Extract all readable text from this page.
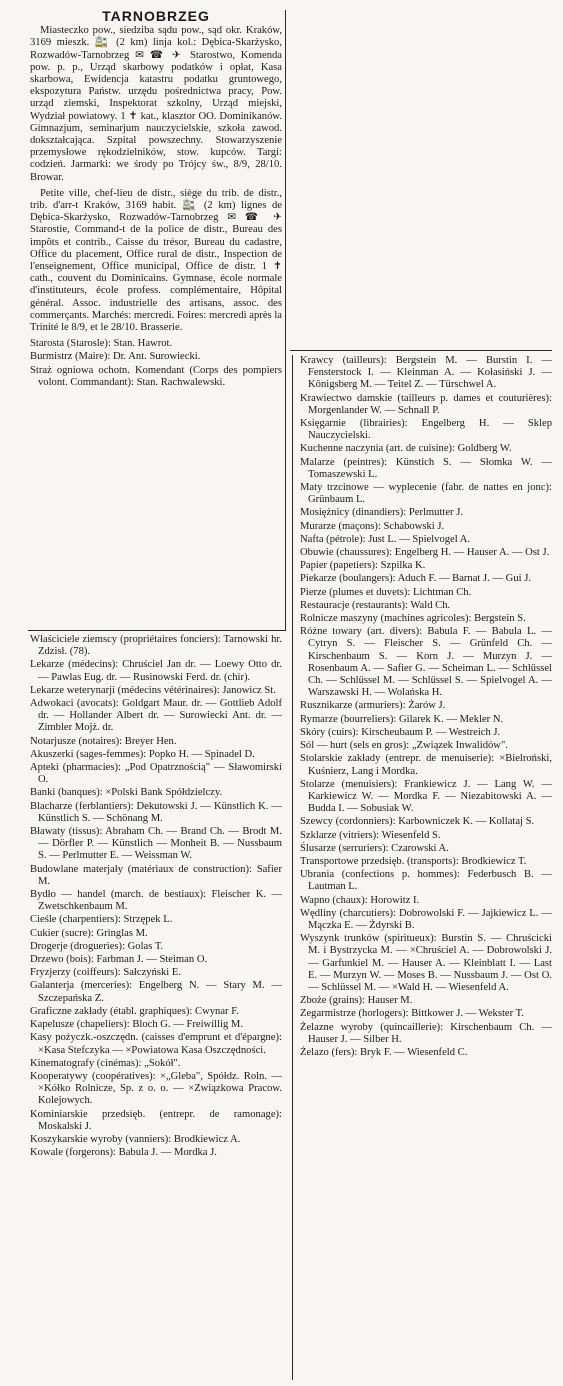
TARNOBRZEG

Miasteczko pow., siedziba sądu pow., sąd okr. Kraków, 3169 mieszk. 🚉 (2 km) linja kol.: Dębica-Skarżysko, Rozwadów-Tarnobrzeg ✉ ☎ ✈ Starostwo, Komenda pow. p. p., Urząd skarbowy podatków i opłat, Kasa skarbowa, Ewidencja katastru podatku gruntowego, ekspozytura Państw. urzędu pośrednictwa pracy, Pow. urząd ziemski, Inspektorat szkolny, Urząd miejski, Wydział powiatowy. 1 ✝ kat., klasztor OO. Dominikanów. Gimnazjum, seminarjum nauczycielskie, szkoła zawod. dokształcająca. Szpital powszechny. Stowarzyszenie przemysłowe rękodzielników, stow. kupców. Targi: codzień. Jarmarki: we środy po Trójcy św., 8/9, 28/10. Browar.

Petite ville, chef-lieu de distr., siège du trib. de distr., trib. d'arr-t Kraków, 3169 habit. 🚉 (2 km) lignes de Dębica-Skarżysko, Rozwadów-Tarnobrzeg ✉ ☎ ✈ Starostie, Command-t de la police de distr., Bureau des impôts et contrib., Caisse du trésor, Bureau du cadastre, Office du placement, Office rural de distr., Inspection de l'enseignement, Office municipal, Office de distr. 1 ✝ cath., couvent du Dominicains. Gymnase, école normale d'instituteurs, école profess. complémentaire, Hôpital général. Assoc. industrielle des artisans, assoc. des commerçants. Marchés: mercredi. Foires: mercredi après la Trinité le 8/9, et le 28/10. Brasserie.

Starosta (Starosle): Stan. Hawrot.
Burmistrz (Maire): Dr. Ant. Surowiecki.
Straż ogniowa ochotn. Komendant (Corps des pompiers volont. Commandant): Stan. Rachwalewski.
Właściciele ziemscy (propriétaires fonciers): Tarnowski hr. Zdzisł. (78).
Lekarze (médecins): Chruściel Jan dr. — Loewy Otto dr. — Pawlas Eug. dr. — Rusinowski Ferd. dr. (chir).
Lekarze weterynarji (médecins vétérinaires): Janowicz St.
Adwokaci (avocats): Goldgart Maur. dr. — Gottlieb Adolf dr. — Hollander Albert dr. — Surowiecki Ant. dr. — Zimbler Mojż. dr.
Notarjusze (notaires): Breyer Hen.
Akuszerki (sages-femmes): Popko H. — Spinadel D.
Apteki (pharmacies): „Pod Opatrznością" — Sławomirski O.
Banki (banques): ×Polski Bank Spółdzielczy.
Blacharze (ferblantiers): Dekutowski J. — Künstlich K. — Künstlich S. — Schönang M.
Bławaty (tissus): Abraham Ch. — Brand Ch. — Brodt M. — Dörfler P. — Künstlich — Monheit B. — Nussbaum S. — Perlmutter E. — Weissman W.
Budowlane materjały (matériaux de construction): Safier M.
Bydło — handel (march. de bestiaux): Fleischer K. — Zwetschkenbaum M.
Cieśle (charpentiers): Strzępek L.
Cukier (sucre): Gringlas M.
Drogerje (drogueries): Golas T.
Drzewo (bois): Farbman J. — Steiman O.
Fryzjerzy (coiffeurs): Sałczyński E.
Galanterja (merceries): Engelberg N. — Stary M. — Szczepańska Z.
Graficzne zakłady (établ. graphiques): Cwynar F.
Kapelusze (chapeliers): Bloch G. — Freiwillig M.
Kasy pożyczk.-oszczędn. (caisses d'emprunt et d'épargne): ×Kasa Stefczyka — ×Powiatowa Kasa Oszczędności.
Kinematografy (cinémas): „Sokół".
Kooperatywy (coopératives): ×„Gleba", Spółdz. Roln. — ×Kółko Rolnicze, Sp. z o. o. — ×Związkowa Pracow. Kolejowych.
Kominiarskie przedsięb. (entrepr. de ramonage): Moskalski J.
Koszykarskie wyroby (vanniers): Brodkiewicz A.
Kowale (forgerons): Babula J. — Mordka J.
Krawcy (tailleurs): Bergstein M. — Burstin I. — Fensterstock I. — Kleinman A. — Kołasiński J. — Königsberg M. — Teitel Z. — Türschwel A.
Krawiectwo damskie (tailleurs p. dames et couturières): Morgenlander W. — Schnall P.
Księgarnie (librairies): Engelberg H. — Sklep Nauczycielski.
Kuchenne naczynia (art. de cuisine): Goldberg W.
Malarze (peintres): Künstich S. — Słomka W. — Tomaszewski L.
Maty trzcinowe — wyplecenie (fabr. de nattes en jonc): Grünbaum L.
Mosiężnicy (dinandiers): Perlmutter J.
Murarze (maçons): Schabowski J.
Nafta (pétrole): Just L. — Spielvogel A.
Obuwie (chaussures): Engelberg H. — Hauser A. — Ost J.
Papier (papetiers): Szpilka K.
Piekarze (boulangers): Aduch F. — Barnat J. — Gui J.
Pierze (plumes et duvets): Lichtman Ch.
Restauracje (restaurants): Wald Ch.
Rolnicze maszyny (machines agricoles): Bergstein S.
Różne towary (art. divers): Babula F. — Babula L. — Cytryn S. — Fleischer S. — Grünfeld Ch. — Kirschenbaum S. — Korn J. — Murzyn J. — Rosenbaum A. — Safier G. — Scheiman L. — Schlüssel Ch. — Schlüssel M. — Schlüssel S. — Spielvogel A. — Warszawski H. — Wolańska H.
Rusznikarze (armuriers): Żarów J.
Rymarze (bourreliers): Gilarek K. — Mekler N.
Skóry (cuirs): Kirscheubaum P. — Westreich J.
Sól — hurt (sels en gros): „Związek Inwalidów".
Stolarskie zakłady (entrepr. de menuiserie): ×Bielroński, Kuśnierz, Lang i Mordka.
Stolarze (menuisiers): Frankiewicz J. — Lang W. — Karkiewicz W. — Mordka F. — Niezabitowski A. — Budda I. — Sobusiak W.
Szewcy (cordonniers): Karbowniczek K. — Kollataj S.
Szklarze (vitriers): Wiesenfeld S.
Ślusarze (serruriers): Czarowski A.
Transportowe przedsięb. (transports): Brodkiewicz T.
Ubrania (confections p. hommes): Federbusch B. — Lautman L.
Wapno (chaux): Horowitz I.
Wędliny (charcutiers): Dobrowolski F. — Jajkiewicz L. — Mączka E. — Żdyrski B.
Wyszynk trunków (spiritueux): Burstin S. — Chruścicki M. i Bystrzycka M. — ×Chruściel A. — Dobrowolski J. — Garfunkiel M. — Hauser A. — Kleinblatt I. — Last E. — Murzyn W. — Moses B. — Nussbaum J. — Ost O. — Schlüssel M. — ×Wald H. — Wiesenfeld A.
Zboże (grains): Hauser M.
Zegarmistrze (horlogers): Bittkower J. — Wekster T.
Żelazne wyroby (quincaillerie): Kirschenbaum Ch. — Hauser J. — Silber H.
Żelazo (fers): Bryk F. — Wiesenfeld C.
